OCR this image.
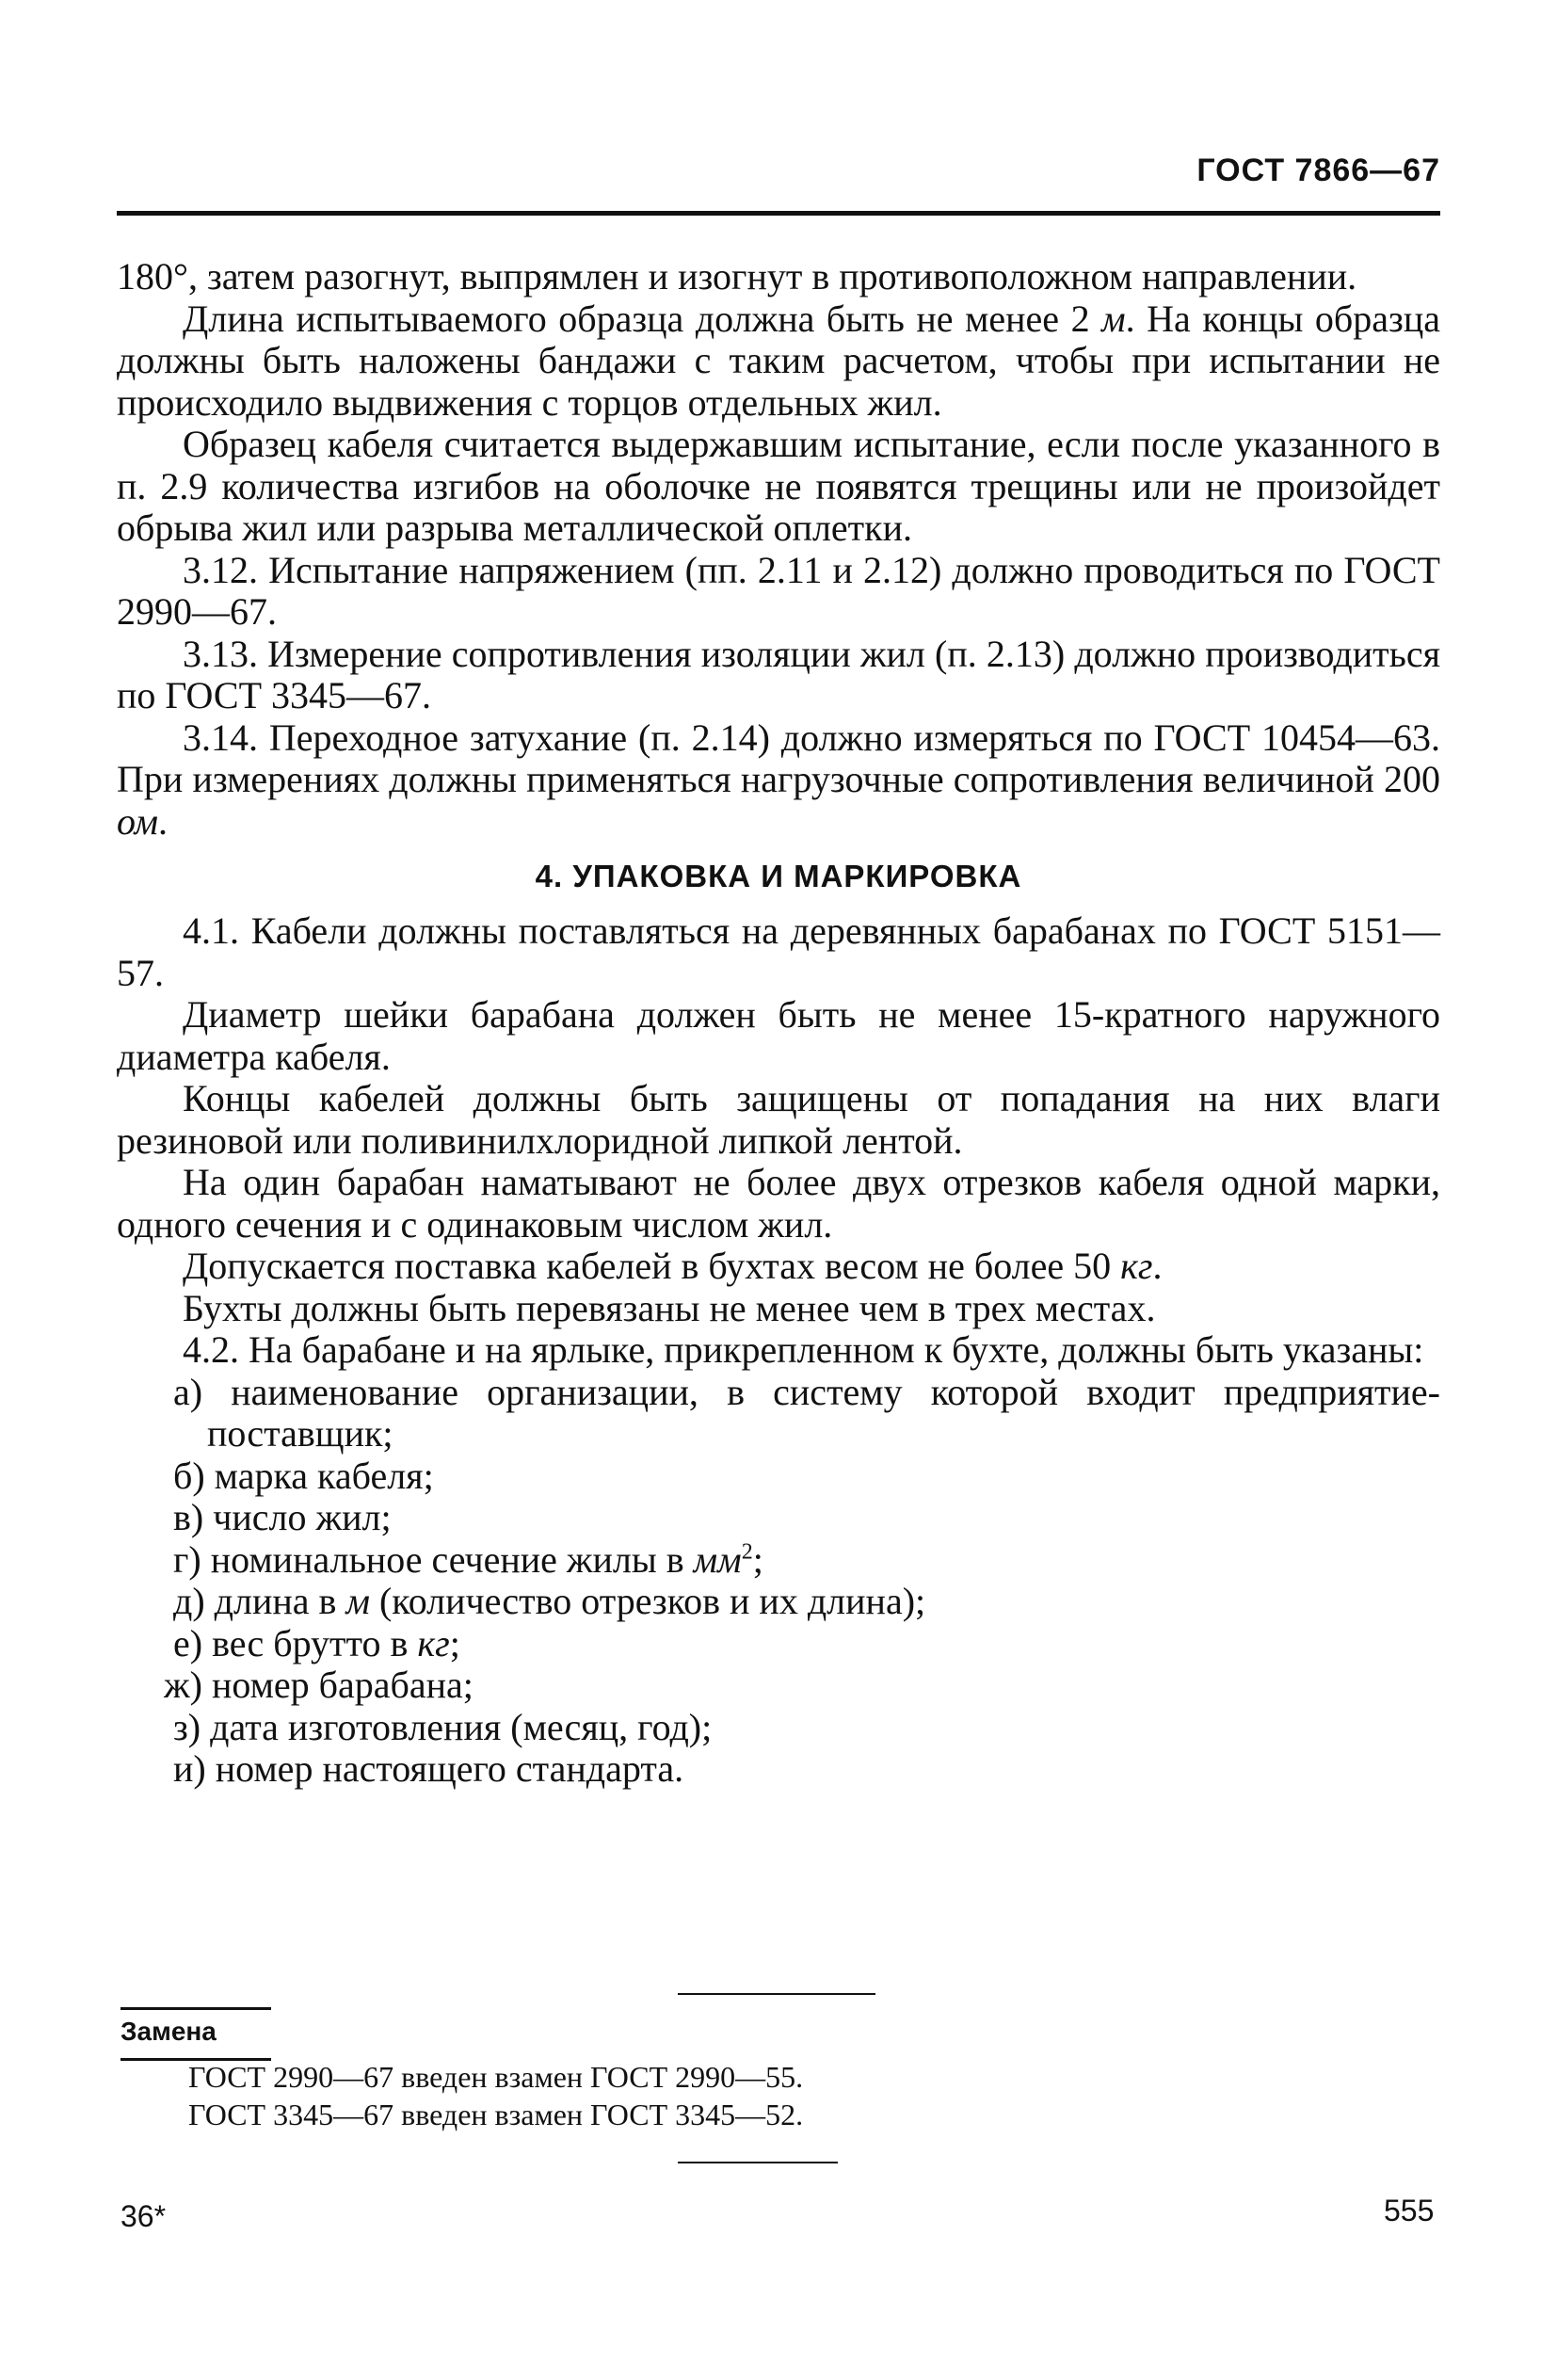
ГОСТ 7866—67

180°, затем разогнут, выпрямлен и изогнут в противоположном направлении.

Длина испытываемого образца должна быть не менее 2 м. На концы образца должны быть наложены бандажи с таким расчетом, чтобы при испытании не происходило выдвижения с торцов отдельных жил.

Образец кабеля считается выдержавшим испытание, если после указанного в п. 2.9 количества изгибов на оболочке не появятся трещины или не произойдет обрыва жил или разрыва металлической оплетки.

3.12. Испытание напряжением (пп. 2.11 и 2.12) должно проводиться по ГОСТ 2990—67.

3.13. Измерение сопротивления изоляции жил (п. 2.13) должно производиться по ГОСТ 3345—67.

3.14. Переходное затухание (п. 2.14) должно измеряться по ГОСТ 10454—63. При измерениях должны применяться нагрузочные сопротивления величиной 200 ом.

4. УПАКОВКА И МАРКИРОВКА

4.1. Кабели должны поставляться на деревянных барабанах по ГОСТ 5151—57.

Диаметр шейки барабана должен быть не менее 15-кратного наружного диаметра кабеля.

Концы кабелей должны быть защищены от попадания на них влаги резиновой или поливинилхлоридной липкой лентой.

На один барабан наматывают не более двух отрезков кабеля одной марки, одного сечения и с одинаковым числом жил.

Допускается поставка кабелей в бухтах весом не более 50 кг.

Бухты должны быть перевязаны не менее чем в трех местах.

4.2. На барабане и на ярлыке, прикрепленном к бухте, должны быть указаны:

а) наименование организации, в систему которой входит предприятие-поставщик;

б) марка кабеля;

в) число жил;

г) номинальное сечение жилы в $мм^2$;

д) длина в м (количество отрезков и их длина);

е) вес брутто в кг;

ж) номер барабана;

з) дата изготовления (месяц, год);

и) номер настоящего стандарта.

Замена
ГОСТ 2990—67 введен взамен ГОСТ 2990—55.
ГОСТ 3345—67 введен взамен ГОСТ 3345—52.
36*	555
